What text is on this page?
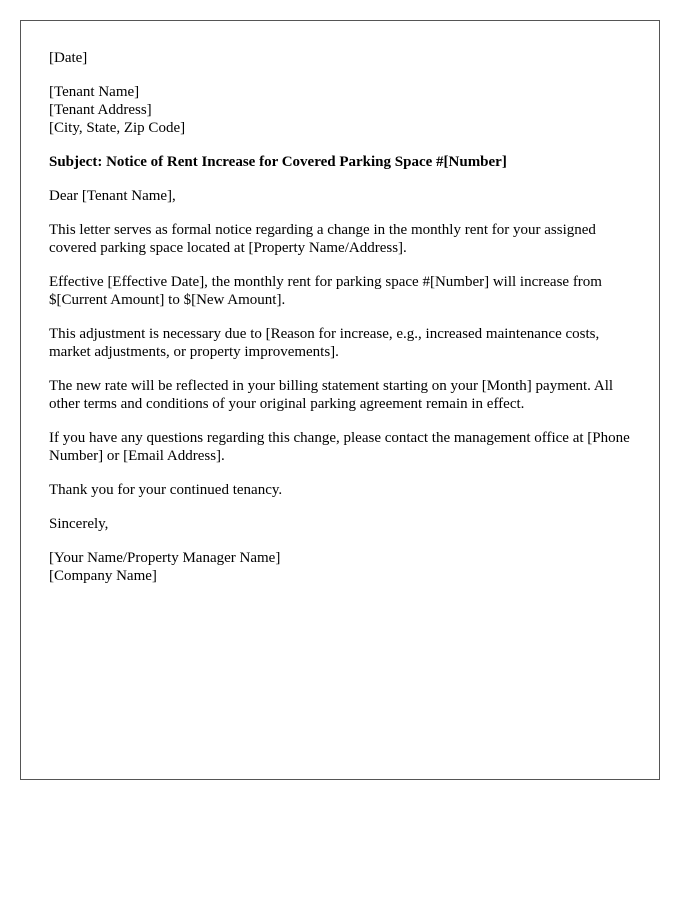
[Date]
[Tenant Name]
[Tenant Address]
[City, State, Zip Code]
Subject: Notice of Rent Increase for Covered Parking Space #[Number]
Dear [Tenant Name],

This letter serves as formal notice regarding a change in the monthly rent for your assigned covered parking space located at [Property Name/Address].

Effective [Effective Date], the monthly rent for parking space #[Number] will increase from $[Current Amount] to $[New Amount].

This adjustment is necessary due to [Reason for increase, e.g., increased maintenance costs, market adjustments, or property improvements].

The new rate will be reflected in your billing statement starting on your [Month] payment. All other terms and conditions of your original parking agreement remain in effect.

If you have any questions regarding this change, please contact the management office at [Phone Number] or [Email Address].

Thank you for your continued tenancy.

Sincerely,
[Your Name/Property Manager Name]
[Company Name]
